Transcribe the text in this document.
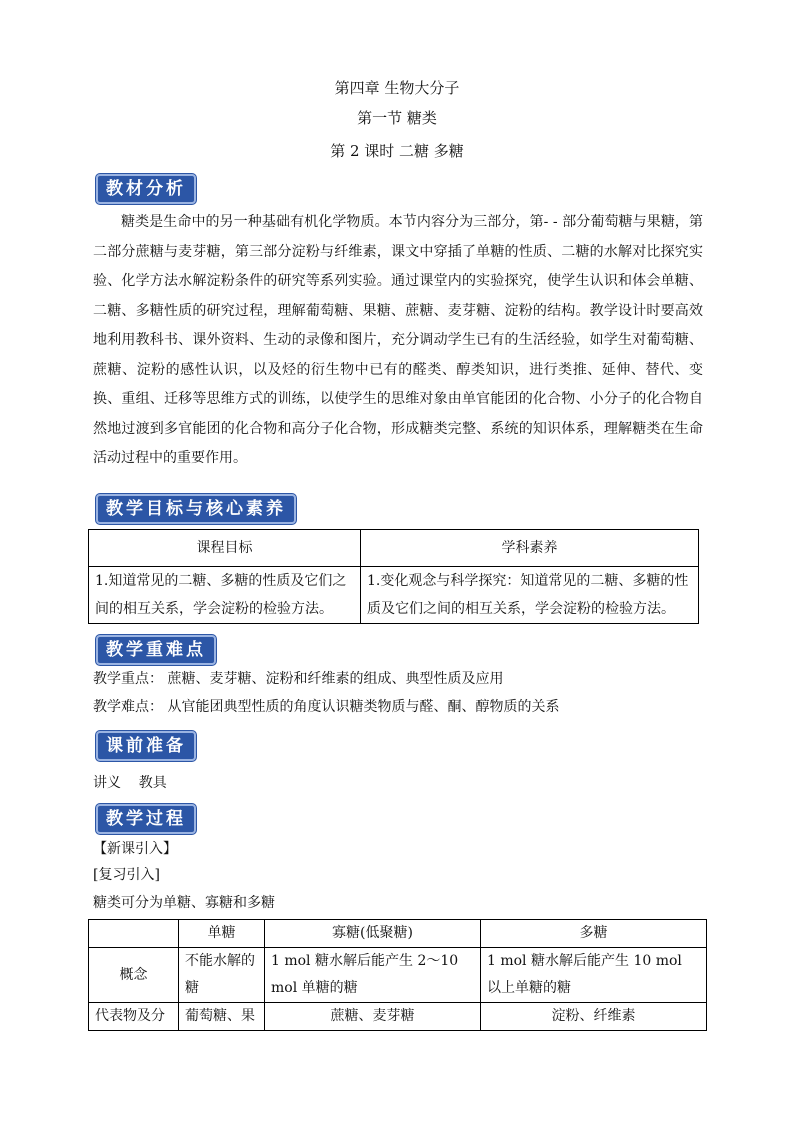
第四章 生物大分子
第一节 糖类
第 2 课时 二糖 多糖
教材分析
糖类是生命中的另一种基础有机化学物质。本节内容分为三部分，第- - 部分葡萄糖与果糖，第二部分蔗糖与麦芽糖，第三部分淀粉与纤维素，课文中穿插了单糖的性质、二糖的水解对比探究实验、化学方法水解淀粉条件的研究等系列实验。通过课堂内的实验探究，使学生认识和体会单糖、二糖、多糖性质的研究过程，理解葡萄糖、果糖、蔗糖、麦芽糖、淀粉的结构。教学设计时要高效地利用教科书、课外资料、生动的录像和图片，充分调动学生已有的生活经验，如学生对葡萄糖、蔗糖、淀粉的感性认识，以及烃的衍生物中已有的醛类、醇类知识，进行类推、延伸、替代、变换、重组、迁移等思维方式的训练，以使学生的思维对象由单官能团的化合物、小分子的化合物自然地过渡到多官能团的化合物和高分子化合物，形成糖类完整、系统的知识体系，理解糖类在生命活动过程中的重要作用。
教学目标与核心素养
课程目标	学科素养
1.知道常见的二糖、多糖的性质及它们之间的相互关系，学会淀粉的检验方法。	1.变化观念与科学探究：知道常见的二糖、多糖的性质及它们之间的相互关系，学会淀粉的检验方法。
教学重难点
教学重点： 蔗糖、麦芽糖、淀粉和纤维素的组成、典型性质及应用
教学难点： 从官能团典型性质的角度认识糖类物质与醛、酮、醇物质的关系
课前准备
讲义    教具
教学过程
【新课引入】
[复习引入]
糖类可分为单糖、寡糖和多糖
	单糖	寡糖(低聚糖)	多糖
概念	不能水解的糖	1 mol 糖水解后能产生 2～10 mol 单糖的糖	1 mol 糖水解后能产生 10 mol 以上单糖的糖
代表物及分	葡萄糖、果	蔗糖、麦芽糖	淀粉、纤维素
